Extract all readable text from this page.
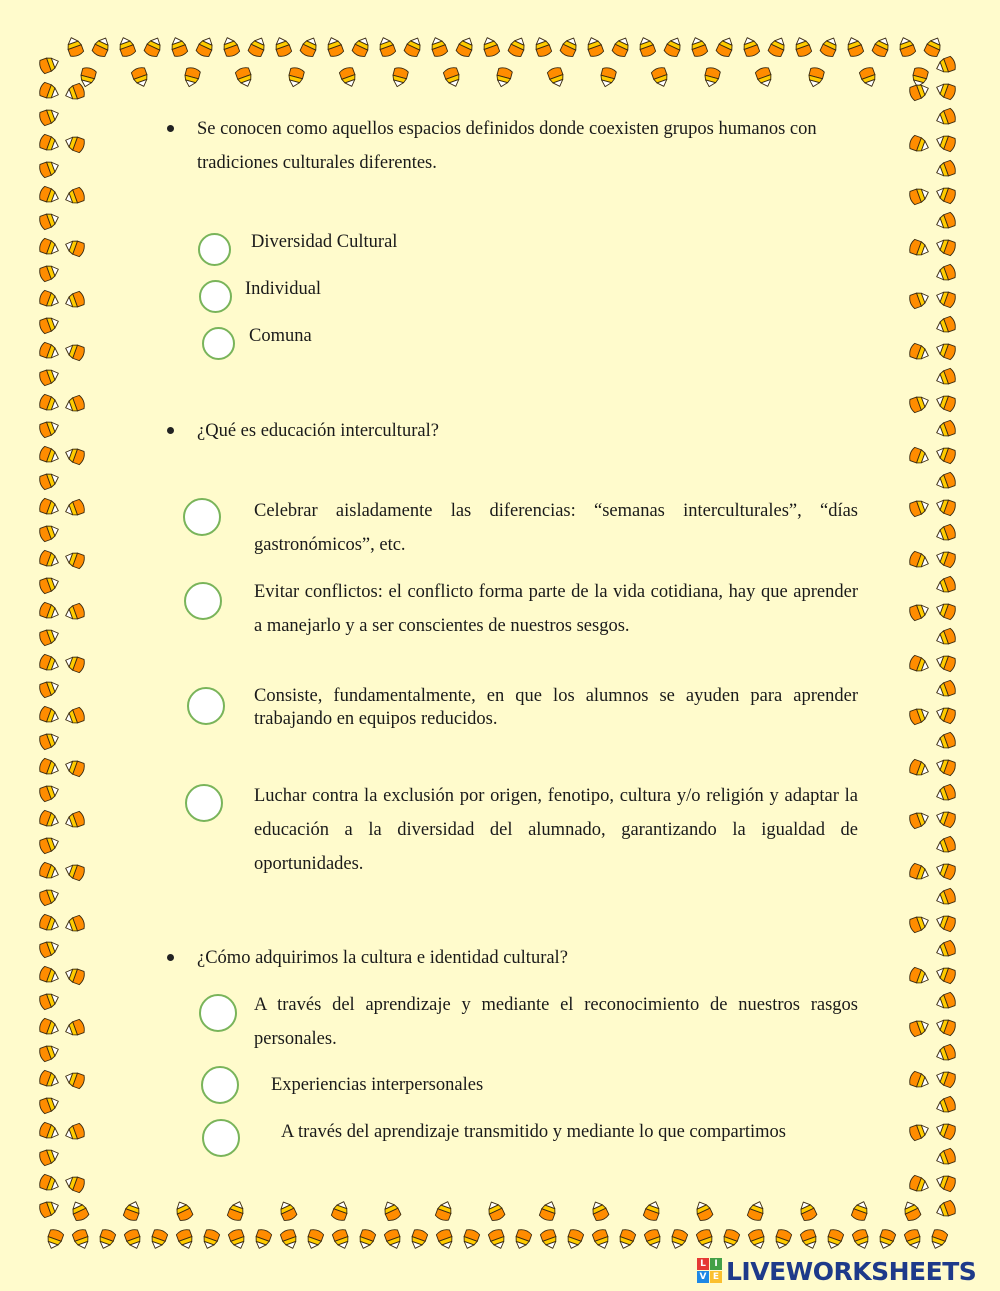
Se conocen como aquellos espacios definidos donde coexisten grupos humanos con tradiciones culturales diferentes.
Diversidad Cultural
Individual
Comuna
¿Qué es educación intercultural?
Celebrar aisladamente las diferencias: “semanas interculturales”, “días gastronómicos”, etc.
Evitar conflictos: el conflicto forma parte de la vida cotidiana, hay que aprender a manejarlo y a ser conscientes de nuestros sesgos.
Consiste, fundamentalmente, en que los alumnos se ayuden para aprender trabajando en equipos reducidos.
Luchar contra la exclusión por origen, fenotipo, cultura y/o religión y adaptar la educación a la diversidad del alumnado, garantizando la igualdad de oportunidades.
¿Cómo adquirimos la cultura e identidad cultural?
A través del aprendizaje y mediante el reconocimiento de nuestros rasgos personales.
Experiencias interpersonales
A través del aprendizaje transmitido y mediante lo que compartimos
L I
V E LIVEWORKSHEETS
